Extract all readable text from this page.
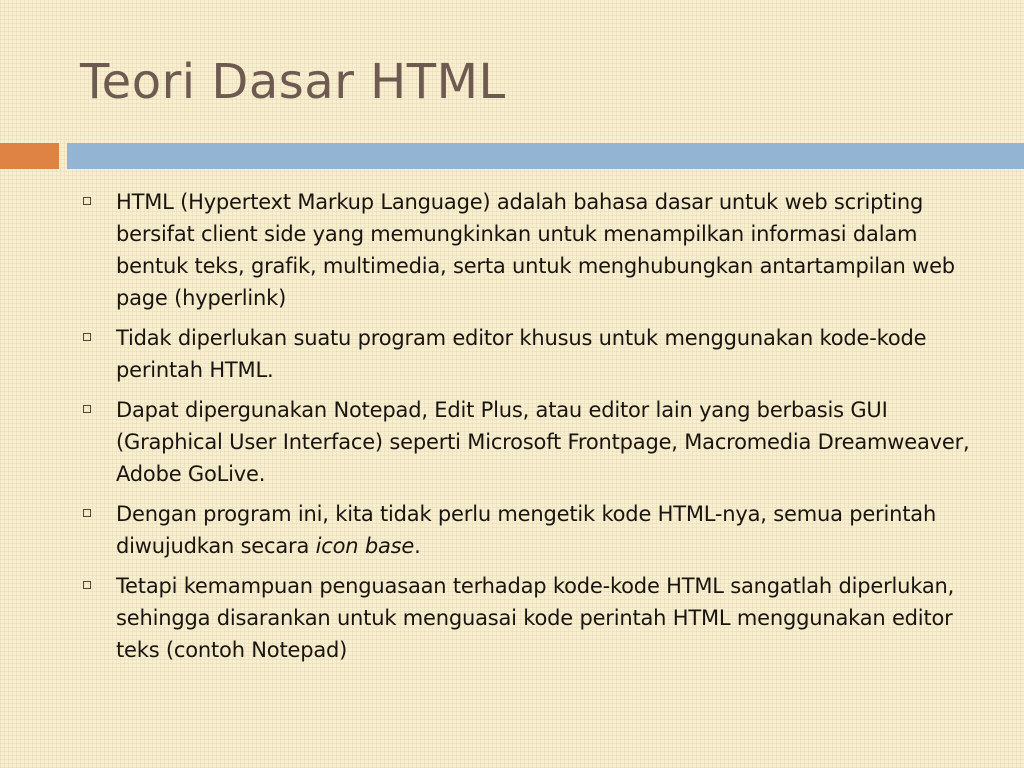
Teori Dasar HTML
HTML (Hypertext Markup Language) adalah bahasa dasar untuk web scripting bersifat client side yang memungkinkan untuk menampilkan informasi dalam bentuk teks, grafik, multimedia, serta untuk menghubungkan antartampilan web page (hyperlink)
Tidak diperlukan suatu program editor khusus untuk menggunakan kode-kode perintah HTML.
Dapat dipergunakan Notepad, Edit Plus, atau editor lain yang berbasis GUI (Graphical User Interface) seperti Microsoft Frontpage, Macromedia Dreamweaver, Adobe GoLive.
Dengan program ini, kita tidak perlu mengetik kode HTML-nya, semua perintah diwujudkan secara icon base.
Tetapi kemampuan penguasaan terhadap kode-kode HTML sangatlah diperlukan, sehingga disarankan untuk menguasai kode perintah HTML menggunakan editor teks (contoh Notepad)
